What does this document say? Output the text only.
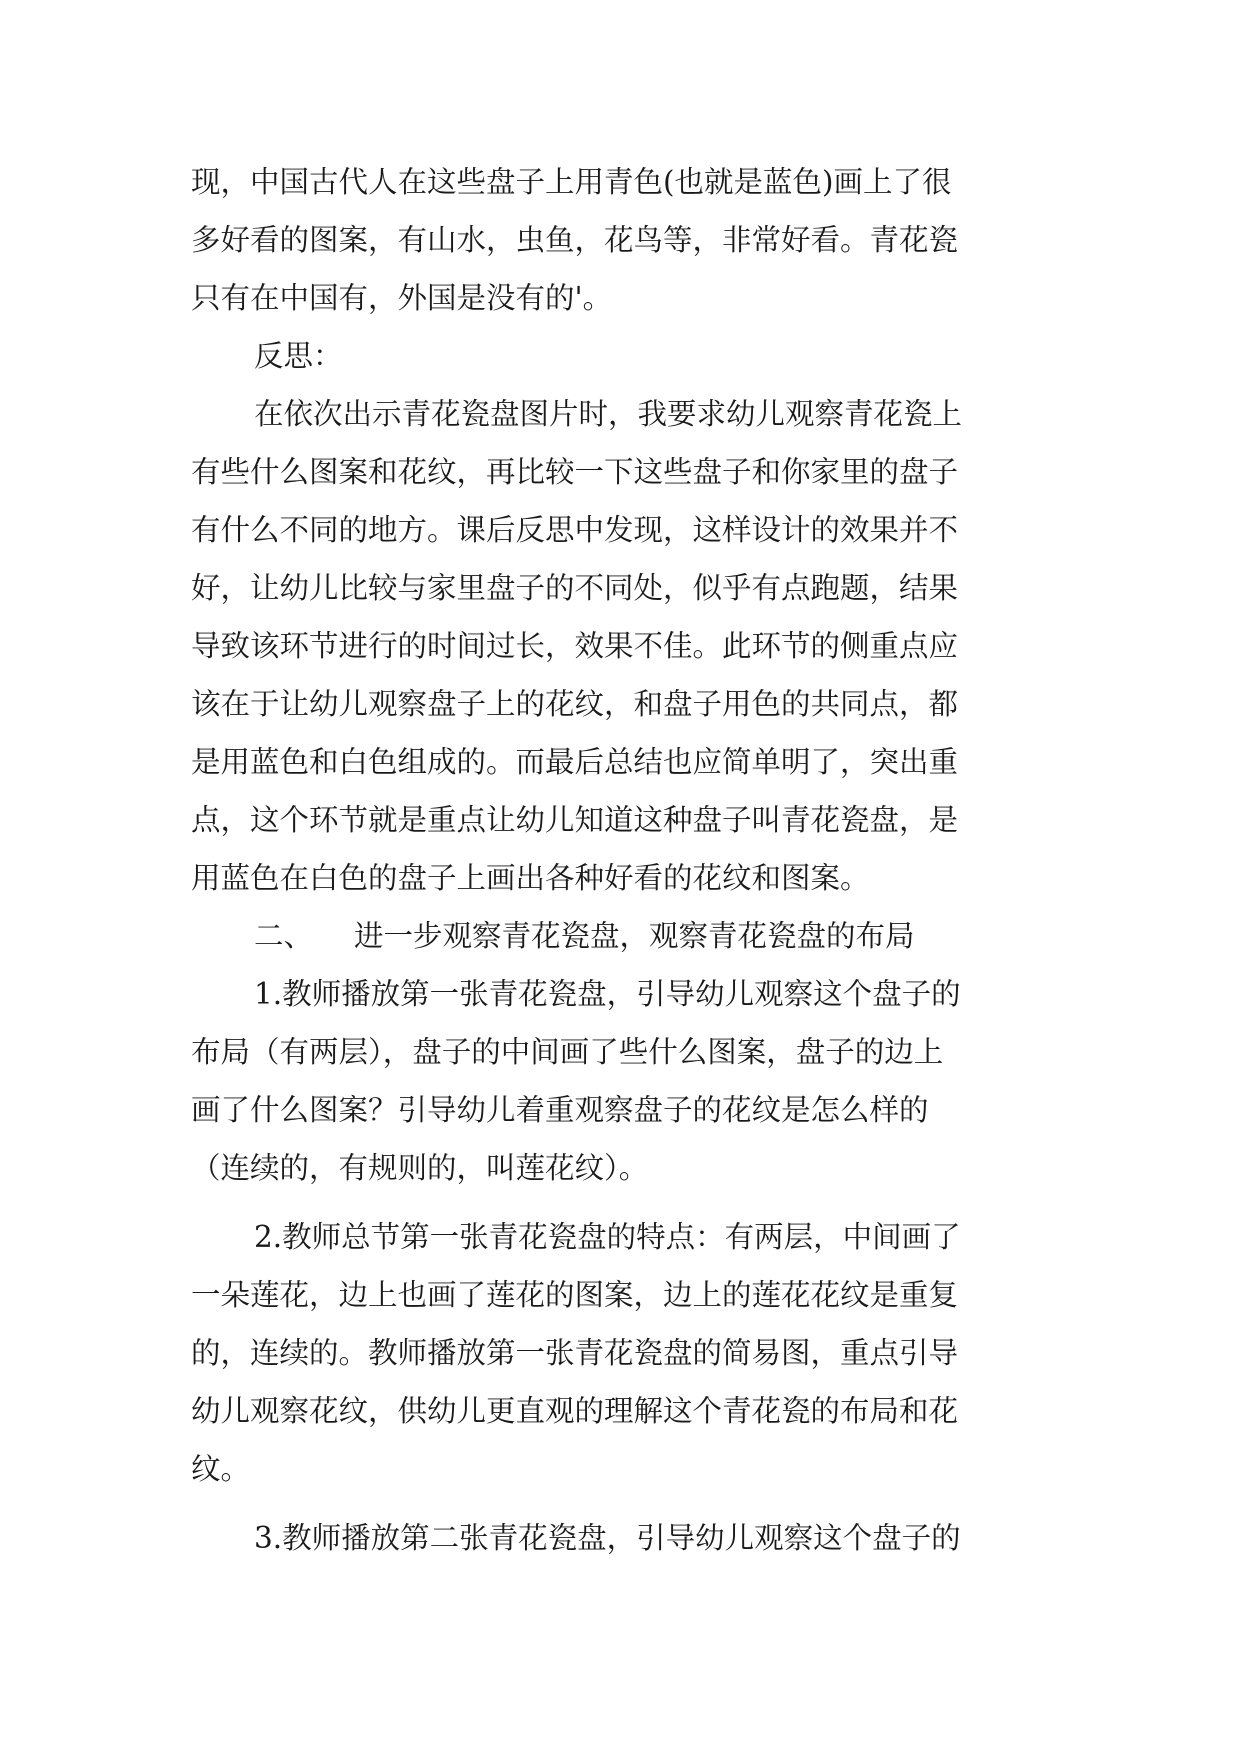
现，中国古代人在这些盘子上用青色(也就是蓝色)画上了很
多好看的图案，有山水，虫鱼，花鸟等，非常好看。青花瓷
只有在中国有，外国是没有的'。
反思：
在依次出示青花瓷盘图片时，我要求幼儿观察青花瓷上
有些什么图案和花纹，再比较一下这些盘子和你家里的盘子
有什么不同的地方。课后反思中发现，这样设计的效果并不
好，让幼儿比较与家里盘子的不同处，似乎有点跑题，结果
导致该环节进行的时间过长，效果不佳。此环节的侧重点应
该在于让幼儿观察盘子上的花纹，和盘子用色的共同点，都
是用蓝色和白色组成的。而最后总结也应简单明了，突出重
点，这个环节就是重点让幼儿知道这种盘子叫青花瓷盘，是
用蓝色在白色的盘子上画出各种好看的花纹和图案。
二、	进一步观察青花瓷盘，观察青花瓷盘的布局
1.教师播放第一张青花瓷盘，引导幼儿观察这个盘子的
布局（有两层），盘子的中间画了些什么图案，盘子的边上
画了什么图案？引导幼儿着重观察盘子的花纹是怎么样的
（连续的，有规则的，叫莲花纹）。
2.教师总节第一张青花瓷盘的特点：有两层，中间画了
一朵莲花，边上也画了莲花的图案，边上的莲花花纹是重复
的，连续的。教师播放第一张青花瓷盘的简易图，重点引导
幼儿观察花纹，供幼儿更直观的理解这个青花瓷的布局和花
纹。
3.教师播放第二张青花瓷盘，引导幼儿观察这个盘子的
